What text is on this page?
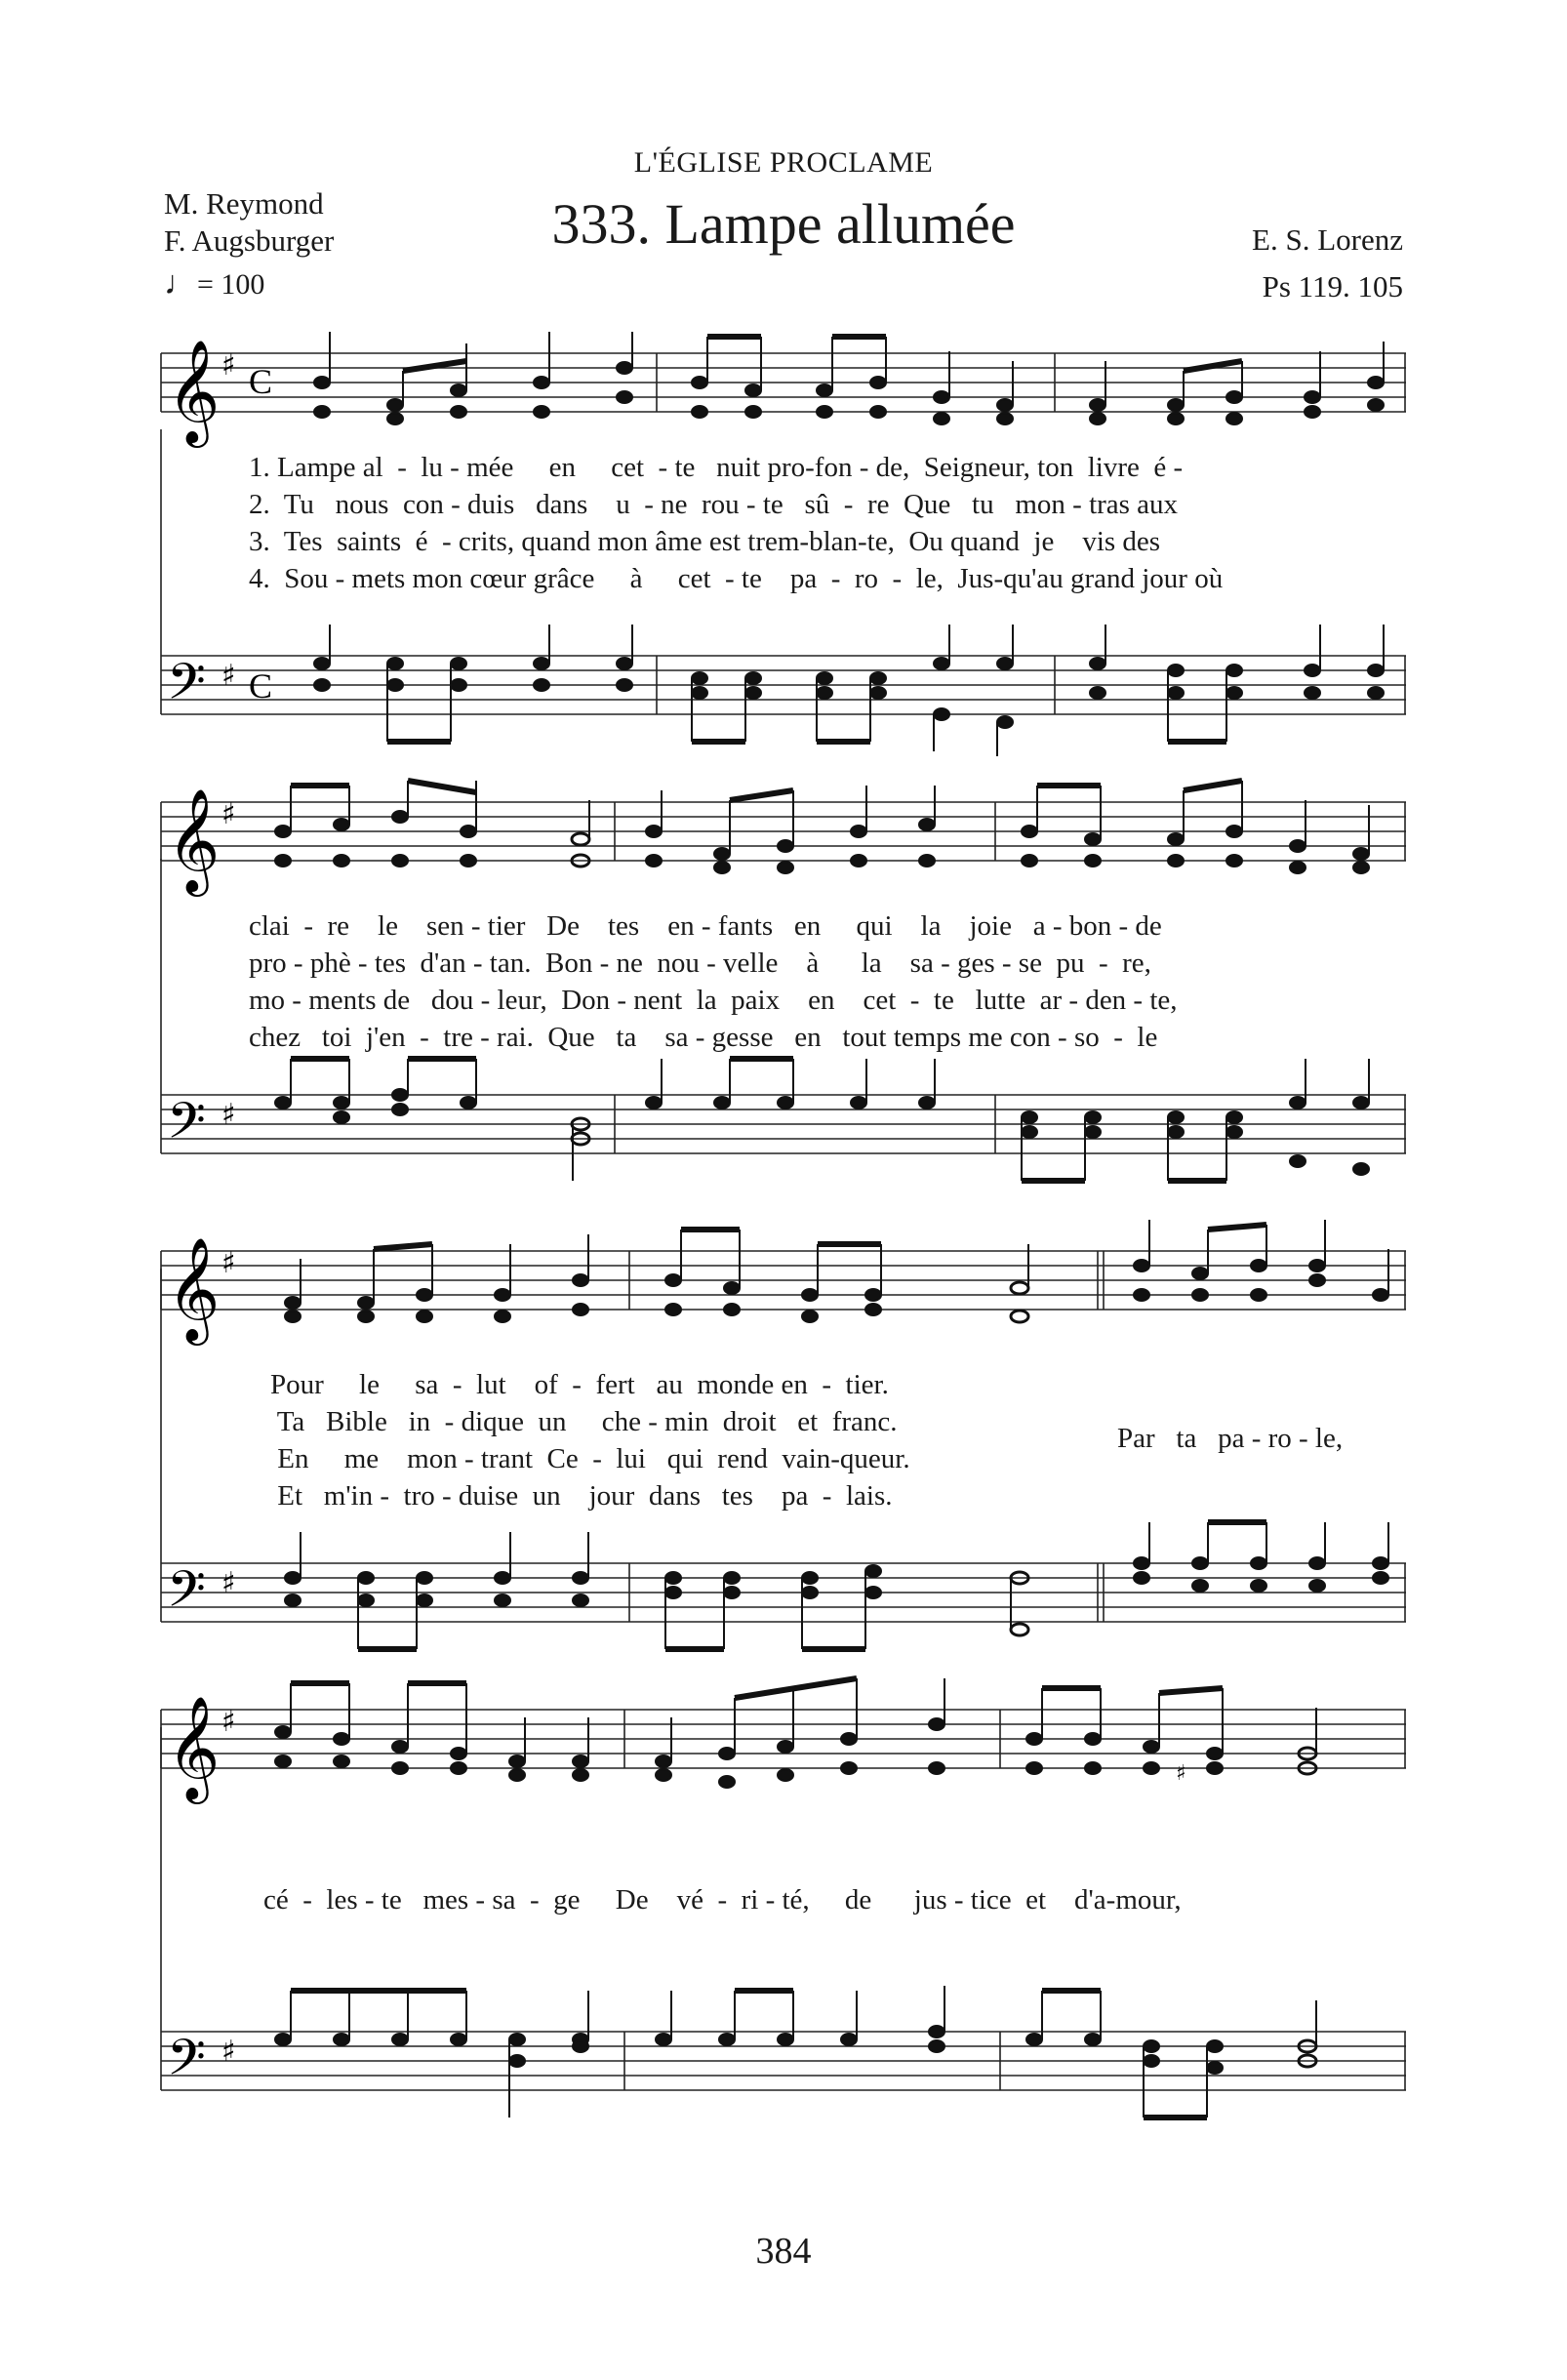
L'ÉGLISE PROCLAME
333. Lampe allumée
M. Reymond
F. Augsburger
♩= 100
E. S. Lorenz
Ps 119. 105
𝄞 ♯ C
1. Lampe al  -  lu - mée     en     cet  - te   nuit pro-fon - de,  Seigneur, ton  livre  é -
2.  Tu   nous  con - duis   dans    u  - ne  rou - te   sû  -  re  Que   tu   mon - tras aux
3.  Tes  saints  é  - crits, quand mon âme est trem-blan-te,  Ou quand  je    vis des
4.  Sou - mets mon cœur grâce     à     cet  - te    pa  -  ro  -  le,  Jus-qu'au grand jour où
𝄢 ♯ C
𝄞 ♯
clai  -  re    le    sen - tier   De    tes    en - fants   en     qui    la    joie   a - bon - de
pro - phè - tes  d'an - tan.  Bon - ne  nou - velle    à      la    sa - ges - se  pu  -  re,
mo - ments de   dou - leur,  Don - nent  la  paix    en    cet  -  te   lutte  ar - den - te,
chez   toi  j'en  -  tre - rai.  Que   ta    sa - gesse   en   tout temps me con - so  -  le
𝄢 ♯
𝄞 ♯
Pour     le     sa  -  lut    of  -  fert   au  monde en  -  tier.
Ta   Bible   in  - dique  un     che - min  droit   et  franc.
En     me    mon - trant  Ce  -  lui   qui  rend  vain-queur.
Et   m'in -  tro - duise  un    jour  dans   tes    pa  -  lais.
Par   ta   pa - ro - le,
𝄢 ♯
𝄞 ♯
♯
cé  -  les - te   mes - sa  -  ge     De    vé  -  ri - té,     de      jus - tice  et    d'a-mour,
𝄢 ♯
384
